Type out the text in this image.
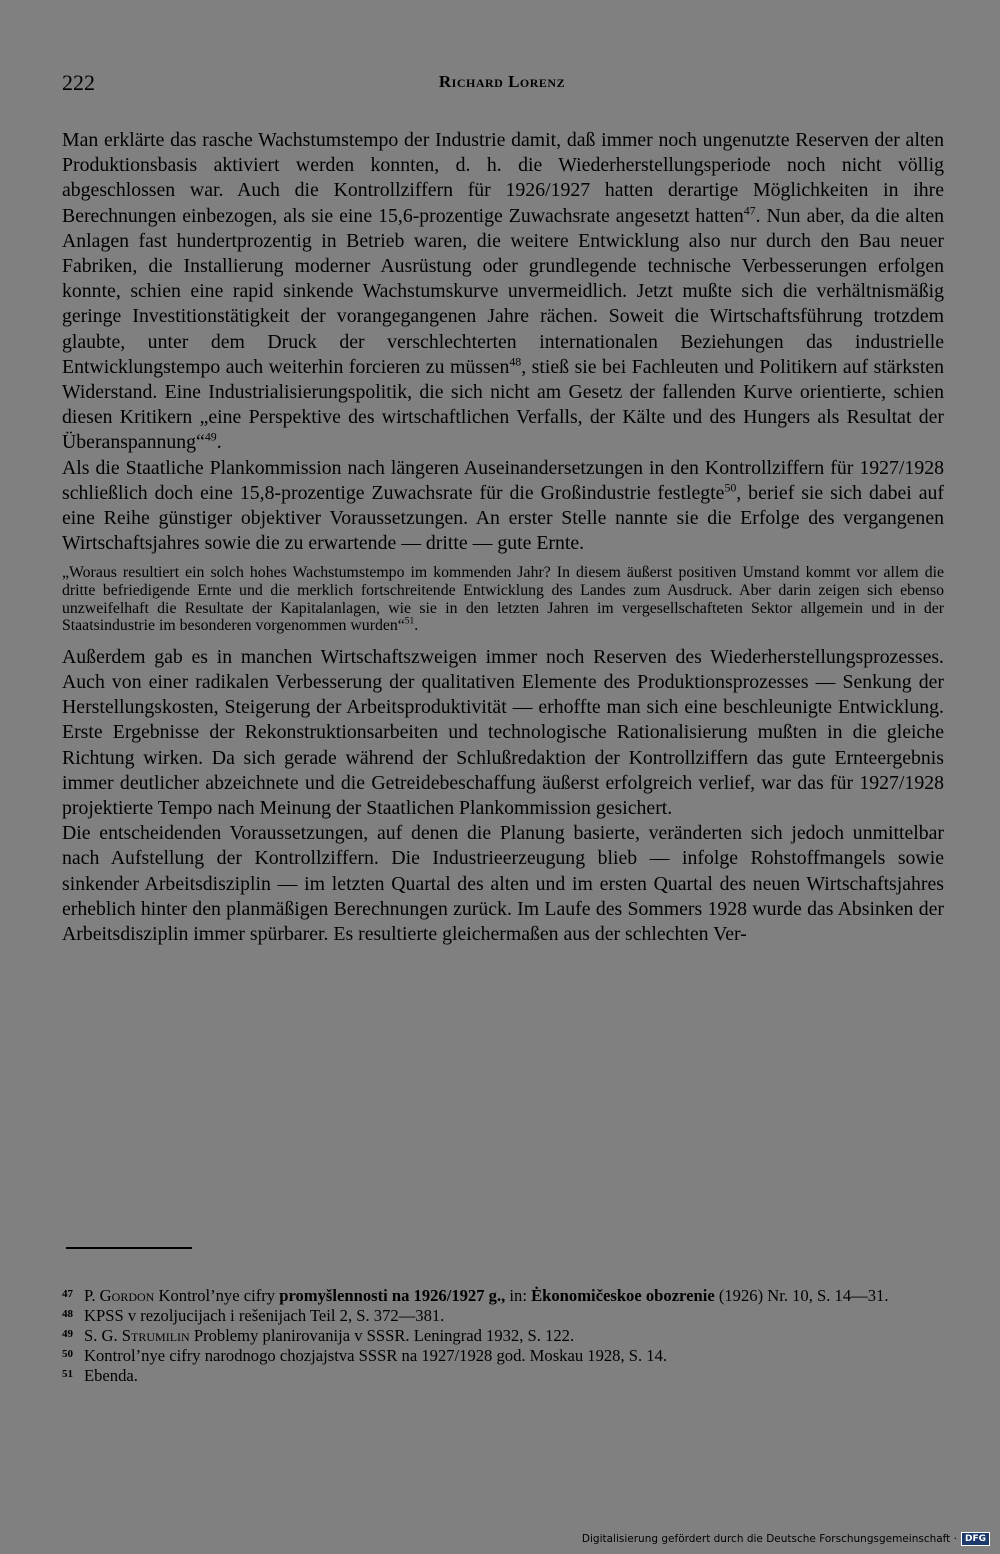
222	Richard Lorenz

Man erklärte das rasche Wachstumstempo der Industrie damit, daß immer noch ungenutzte Reserven der alten Produktionsbasis aktiviert werden konnten, d. h. die Wiederherstellungsperiode noch nicht völlig abgeschlossen war. Auch die Kontrollziffern für 1926/1927 hatten derartige Möglichkeiten in ihre Berechnungen einbezogen, als sie eine 15,6-prozentige Zuwachsrate angesetzt hatten$^{47}$. Nun aber, da die alten Anlagen fast hundertprozentig in Betrieb waren, die weitere Entwicklung also nur durch den Bau neuer Fabriken, die Installierung moderner Ausrüstung oder grundlegende technische Verbesserungen erfolgen konnte, schien eine rapid sinkende Wachstumskurve unvermeidlich. Jetzt mußte sich die verhältnismäßig geringe Investitionstätigkeit der vorangegangenen Jahre rächen. Soweit die Wirtschaftsführung trotzdem glaubte, unter dem Druck der verschlechterten internationalen Beziehungen das industrielle Entwicklungstempo auch weiterhin forcieren zu müssen$^{48}$, stieß sie bei Fachleuten und Politikern auf stärksten Widerstand. Eine Industrialisierungspolitik, die sich nicht am Gesetz der fallenden Kurve orientierte, schien diesen Kritikern „eine Perspektive des wirtschaftlichen Verfalls, der Kälte und des Hungers als Resultat der Überanspannung“$^{49}$.

Als die Staatliche Plankommission nach längeren Auseinandersetzungen in den Kontrollziffern für 1927/1928 schließlich doch eine 15,8-prozentige Zuwachsrate für die Großindustrie festlegte$^{50}$, berief sie sich dabei auf eine Reihe günstiger objektiver Voraussetzungen. An erster Stelle nannte sie die Erfolge des vergangenen Wirtschaftsjahres sowie die zu erwartende — dritte — gute Ernte.

„Woraus resultiert ein solch hohes Wachstumstempo im kommenden Jahr? In diesem äußerst positiven Umstand kommt vor allem die dritte befriedigende Ernte und die merklich fortschreitende Entwicklung des Landes zum Ausdruck. Aber darin zeigen sich ebenso unzweifelhaft die Resultate der Kapitalanlagen, wie sie in den letzten Jahren im vergesellschafteten Sektor allgemein und in der Staatsindustrie im besonderen vorgenommen wurden“$^{51}$.

Außerdem gab es in manchen Wirtschaftszweigen immer noch Reserven des Wiederherstellungsprozesses. Auch von einer radikalen Verbesserung der qualitativen Elemente des Produktionsprozesses — Senkung der Herstellungskosten, Steigerung der Arbeitsproduktivität — erhoffte man sich eine beschleunigte Entwicklung. Erste Ergebnisse der Rekonstruktionsarbeiten und technologische Rationalisierung mußten in die gleiche Richtung wirken. Da sich gerade während der Schlußredaktion der Kontrollziffern das gute Ernteergebnis immer deutlicher abzeichnete und die Getreidebeschaffung äußerst erfolgreich verlief, war das für 1927/1928 projektierte Tempo nach Meinung der Staatlichen Plankommission gesichert.

Die entscheidenden Voraussetzungen, auf denen die Planung basierte, veränderten sich jedoch unmittelbar nach Aufstellung der Kontrollziffern. Die Industrieerzeugung blieb — infolge Rohstoffmangels sowie sinkender Arbeitsdisziplin — im letzten Quartal des alten und im ersten Quartal des neuen Wirtschaftsjahres erheblich hinter den planmäßigen Berechnungen zurück. Im Laufe des Sommers 1928 wurde das Absinken der Arbeitsdisziplin immer spürbarer. Es resultierte gleichermaßen aus der schlechten Ver-

47 P. Gordon Kontrol’nye cifry promyšlennosti na 1926/1927 g., in: Ėkonomičeskoe obozrenie (1926) Nr. 10, S. 14—31.

48 KPSS v rezoljucijach i rešenijach Teil 2, S. 372—381.

49 S. G. Strumilin Problemy planirovanija v SSSR. Leningrad 1932, S. 122.

50 Kontrol’nye cifry narodnogo chozjajstva SSSR na 1927/1928 god. Moskau 1928, S. 14.

51 Ebenda.

Digitalisierung gefördert durch die Deutsche Forschungsgemeinschaft · DFG
